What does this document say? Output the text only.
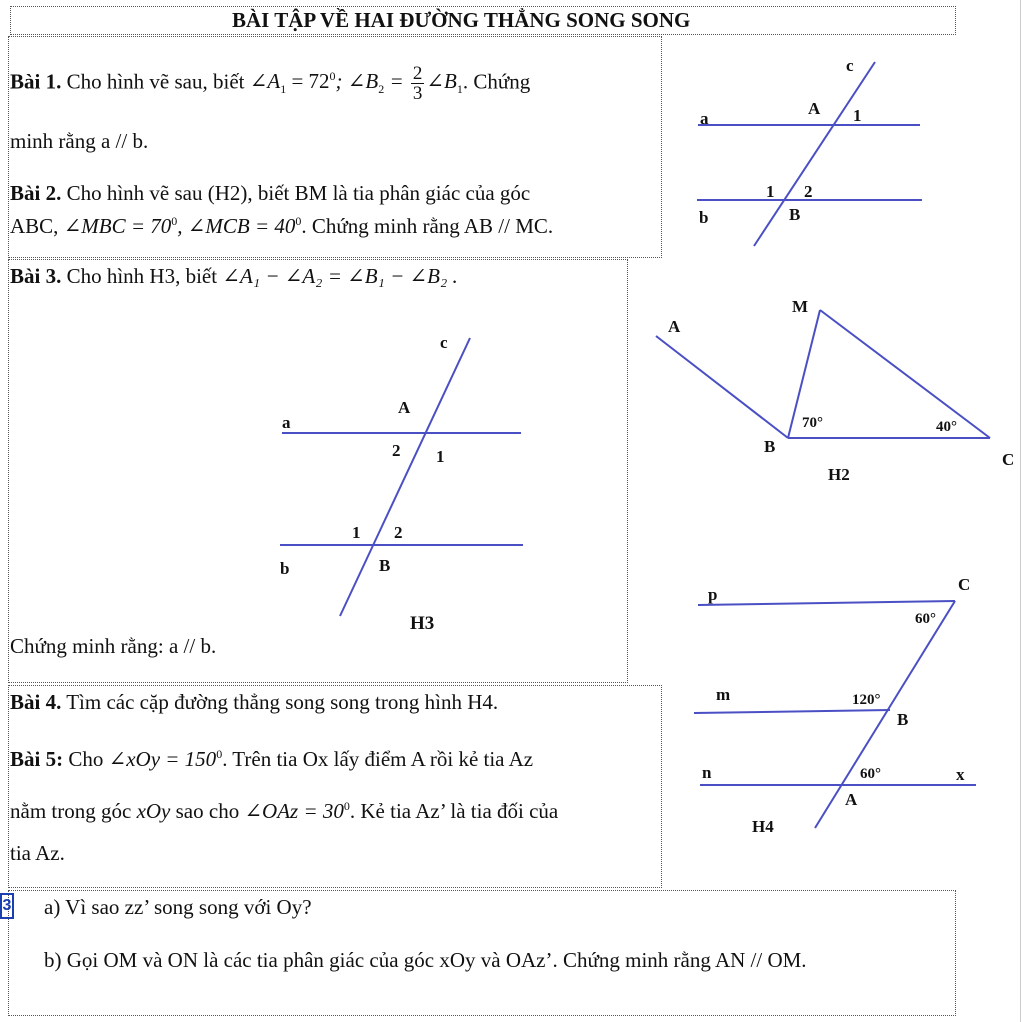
BÀI TẬP VỀ HAI ĐƯỜNG THẲNG SONG SONG
Bài 1. Cho hình vẽ sau, biết $\angle A_1 = 72^0$; $\angle B_2 = \frac{2}{3}$ $\angle B_1$. Chứng
minh rằng a // b.
Bài 2. Cho hình vẽ sau (H2), biết BM là tia phân giác của góc
ABC, ∠MBC = $70^0$, ∠MCB = $40^0$. Chứng minh rằng AB // MC.
Bài 3. Cho hình H3, biết ∠A₁ − ∠A₂ = ∠B₁ − ∠B₂ .
Chứng minh rằng: a // b.
Bài 4. Tìm các cặp đường thẳng song song trong hình H4.
Bài 5: Cho ∠xOy = $150^0$. Trên tia Ox lấy điểm A rồi kẻ tia Az
nằm trong góc xOy sao cho ∠OAz = $30^0$. Kẻ tia Az’ là tia đối của
tia Az.
3 a) Vì sao zz’ song song với Oy?
b) Gọi OM và ON là các tia phân giác của góc xOy và OAz’. Chứng minh rằng AN // OM.
c
a
A 1
b
1 2
B
A
M
B
C
70°	40°
H2
c
a
A
2 1
1 2
b	B
H3
p
C
60°
m	120°
B
n	60°	x
A
H4
